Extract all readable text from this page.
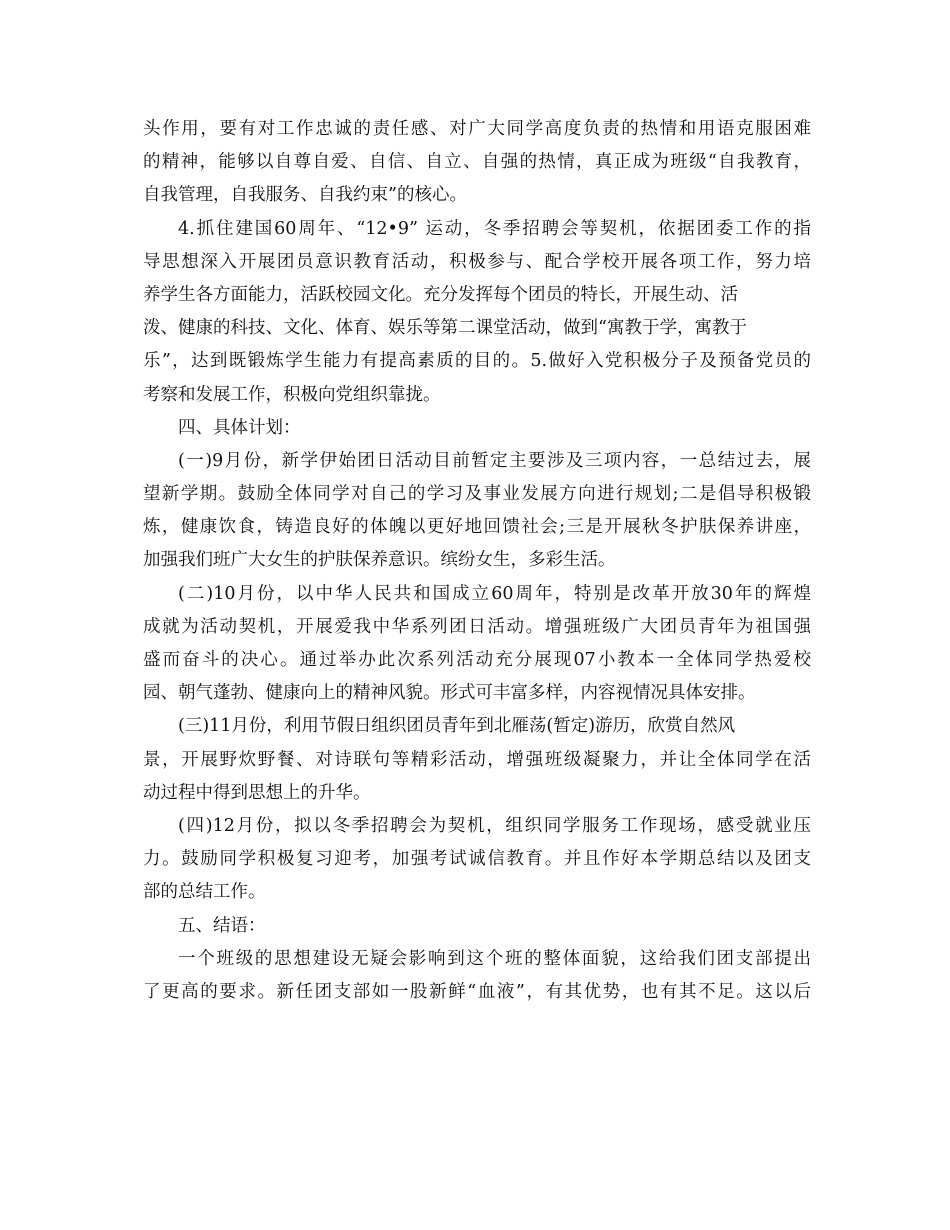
头作用，要有对工作忠诚的责任感、对广大同学高度负责的热情和用语克服困难
的精神，能够以自尊自爱、自信、自立、自强的热情，真正成为班级“自我教育，
自我管理，自我服务、自我约束”的核心。
4.抓住建国60周年、“12•9” 运动，冬季招聘会等契机，依据团委工作的指
导思想深入开展团员意识教育活动，积极参与、配合学校开展各项工作，努力培
养学生各方面能力，活跃校园文化。充分发挥每个团员的特长，开展生动、活
泼、健康的科技、文化、体育、娱乐等第二课堂活动，做到“寓教于学，寓教于
乐”，达到既锻炼学生能力有提高素质的目的。5.做好入党积极分子及预备党员的
考察和发展工作，积极向党组织靠拢。
四、具体计划：
(一)9月份，新学伊始团日活动目前暂定主要涉及三项内容，一总结过去，展
望新学期。鼓励全体同学对自己的学习及事业发展方向进行规划;二是倡导积极锻
炼，健康饮食，铸造良好的体魄以更好地回馈社会;三是开展秋冬护肤保养讲座，
加强我们班广大女生的护肤保养意识。缤纷女生，多彩生活。
(二)10月份，以中华人民共和国成立60周年，特别是改革开放30年的辉煌
成就为活动契机，开展爱我中华系列团日活动。增强班级广大团员青年为祖国强
盛而奋斗的决心。通过举办此次系列活动充分展现07小教本一全体同学热爱校
园、朝气蓬勃、健康向上的精神风貌。形式可丰富多样，内容视情况具体安排。
(三)11月份，利用节假日组织团员青年到北雁荡(暂定)游历，欣赏自然风
景，开展野炊野餐、对诗联句等精彩活动，增强班级凝聚力，并让全体同学在活
动过程中得到思想上的升华。
(四)12月份，拟以冬季招聘会为契机，组织同学服务工作现场，感受就业压
力。鼓励同学积极复习迎考，加强考试诚信教育。并且作好本学期总结以及团支
部的总结工作。
五、结语：
一个班级的思想建设无疑会影响到这个班的整体面貌，这给我们团支部提出
了更高的要求。新任团支部如一股新鲜“血液”，有其优势，也有其不足。这以后
